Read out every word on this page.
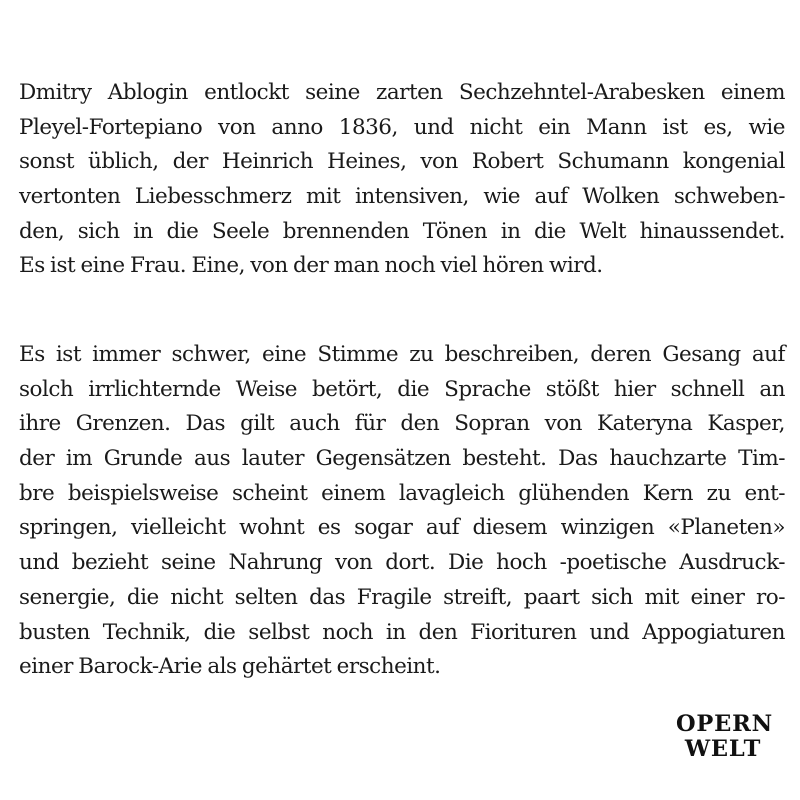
Dmitry Ablogin entlockt seine zarten Sechzehntel-Arabesken einem
Pleyel-Fortepiano von anno 1836, und nicht ein Mann ist es, wie
sonst üblich, der Heinrich Heines, von Robert Schumann kongenial
vertonten Liebesschmerz mit intensiven, wie auf Wolken schweben-
den, sich in die Seele brennenden Tönen in die Welt hinaussendet.
Es ist eine Frau. Eine, von der man noch viel hören wird.

Es ist immer schwer, eine Stimme zu beschreiben, deren Gesang auf
solch irrlichternde Weise betört, die Sprache stößt hier schnell an
ihre Grenzen. Das gilt auch für den Sopran von Kateryna Kasper,
der im Grunde aus lauter Gegensätzen besteht. Das hauchzarte Tim-
bre beispielsweise scheint einem lavagleich glühenden Kern zu ent-
springen, vielleicht wohnt es sogar auf diesem winzigen «Planeten»
und bezieht seine Nahrung von dort. Die hoch -poetische Ausdruck-
senergie, die nicht selten das Fragile streift, paart sich mit einer ro-
busten Technik, die selbst noch in den Fiorituren und Appogiaturen
einer Barock-Arie als gehärtet erscheint.

OPERN
WELT
